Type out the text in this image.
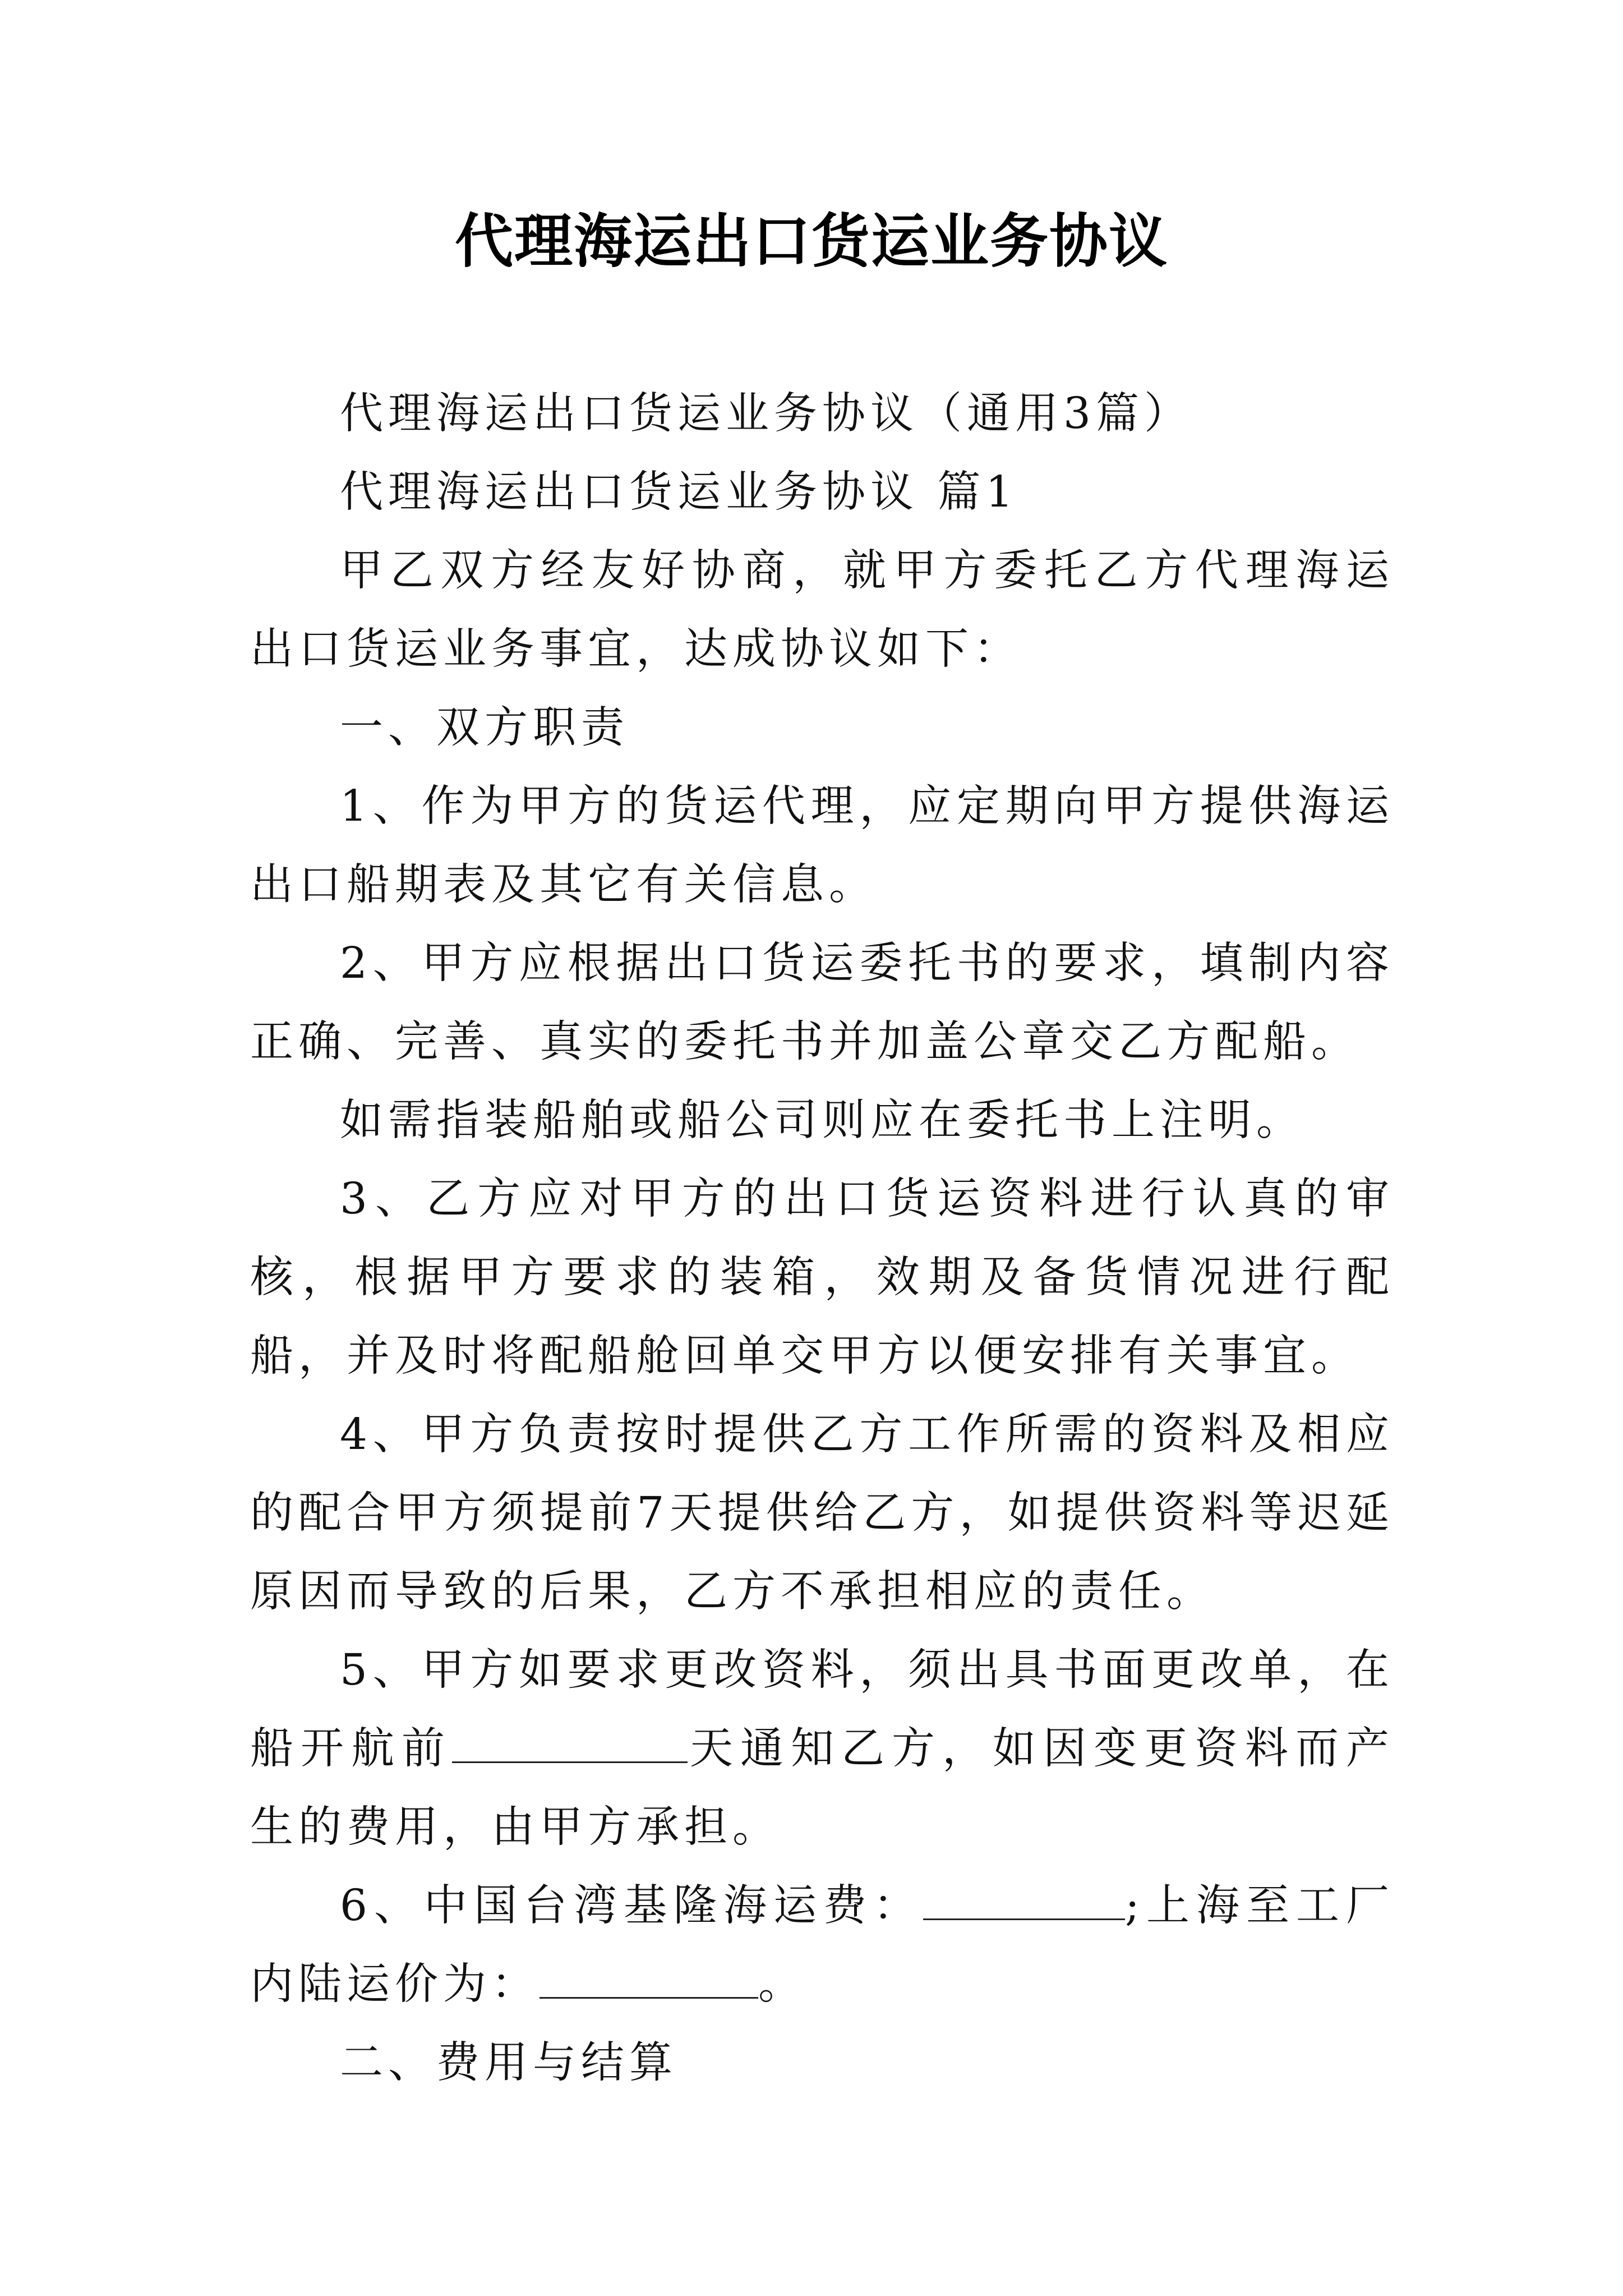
代理海运出口货运业务协议

代理海运出口货运业务协议（通用3篇）

代理海运出口货运业务协议 篇1

甲乙双方经友好协商，就甲方委托乙方代理海运出口货运业务事宜，达成协议如下：

一、双方职责

1、作为甲方的货运代理，应定期向甲方提供海运出口船期表及其它有关信息。

2、甲方应根据出口货运委托书的要求，填制内容正确、完善、真实的委托书并加盖公章交乙方配船。

如需指装船舶或船公司则应在委托书上注明。

3、乙方应对甲方的出口货运资料进行认真的审核，根据甲方要求的装箱，效期及备货情况进行配船，并及时将配船舱回单交甲方以便安排有关事宜。

4、甲方负责按时提供乙方工作所需的资料及相应的配合甲方须提前7天提供给乙方，如提供资料等迟延原因而导致的后果，乙方不承担相应的责任。

5、甲方如要求更改资料，须出具书面更改单，在船开航前	天通知乙方，如因变更资料而产生的费用，由甲方承担。

6、中国台湾基隆海运费：	;上海至工厂内陆运价为：	。

二、费用与结算
